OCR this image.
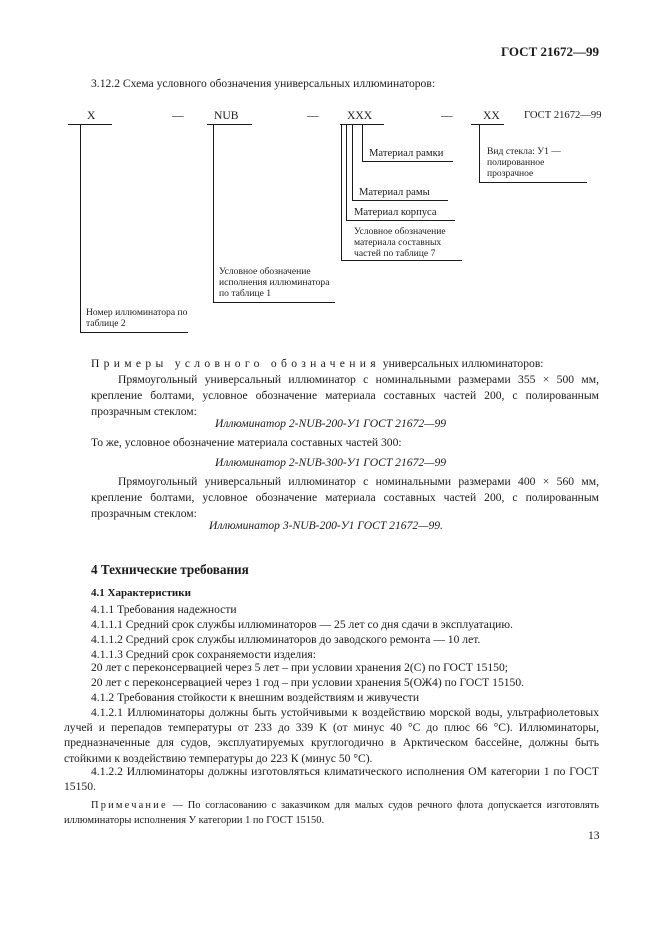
ГОСТ 21672—99
3.12.2 Схема условного обозначения универсальных иллюминаторов:
X	—	NUB	— XXX	—	XX ГОСТ 21672—99
Материал рамки	Вид стекла: У1 — полированное прозрачное
Материал рамы
Материал корпуса
Условное обозначение материала составных частей по таблице 7
Условное обозначение исполнения иллюминатора по таблице 1
Номер иллюминатора по таблице 2
Примеры условного обозначения универсальных иллюминаторов:
Прямоугольный универсальный иллюминатор с номинальными размерами 355 × 500 мм, крепление болтами, условное обозначение материала составных частей 200, с полированным прозрачным стеклом:
Иллюминатор 2-NUB-200-У1 ГОСТ 21672—99
То же, условное обозначение материала составных частей 300:
Иллюминатор 2-NUB-300-У1 ГОСТ 21672—99
Прямоугольный универсальный иллюминатор с номинальными размерами 400 × 560 мм, крепление болтами, условное обозначение материала составных частей 200, с полированным прозрачным стеклом:
Иллюминатор 3-NUB-200-У1 ГОСТ 21672—99.
4 Технические требования
4.1 Характеристики
4.1.1 Требования надежности
4.1.1.1 Средний срок службы иллюминаторов — 25 лет со дня сдачи в эксплуатацию.
4.1.1.2 Средний срок службы иллюминаторов до заводского ремонта — 10 лет.
4.1.1.3 Средний срок сохраняемости изделия:
20 лет с переконсервацией через 5 лет – при условии хранения 2(С) по ГОСТ 15150;
20 лет с переконсервацией через 1 год – при условии хранения 5(ОЖ4) по ГОСТ 15150.
4.1.2 Требования стойкости к внешним воздействиям и живучести
4.1.2.1 Иллюминаторы должны быть устойчивыми к воздействию морской воды, ультрафиолетовых лучей и перепадов температуры от 233 до 339 К (от минус 40 °С до плюс 66 °С). Иллюминаторы, предназначенные для судов, эксплуатируемых круглогодично в Арктическом бассейне, должны быть стойкими к воздействию температуры до 223 К (минус 50 °С).
4.1.2.2 Иллюминаторы должны изготовляться климатического исполнения ОМ категории 1 по ГОСТ 15150.
Примечание — По согласованию с заказчиком для малых судов речного флота допускается изготовлять иллюминаторы исполнения У категории 1 по ГОСТ 15150.
13
